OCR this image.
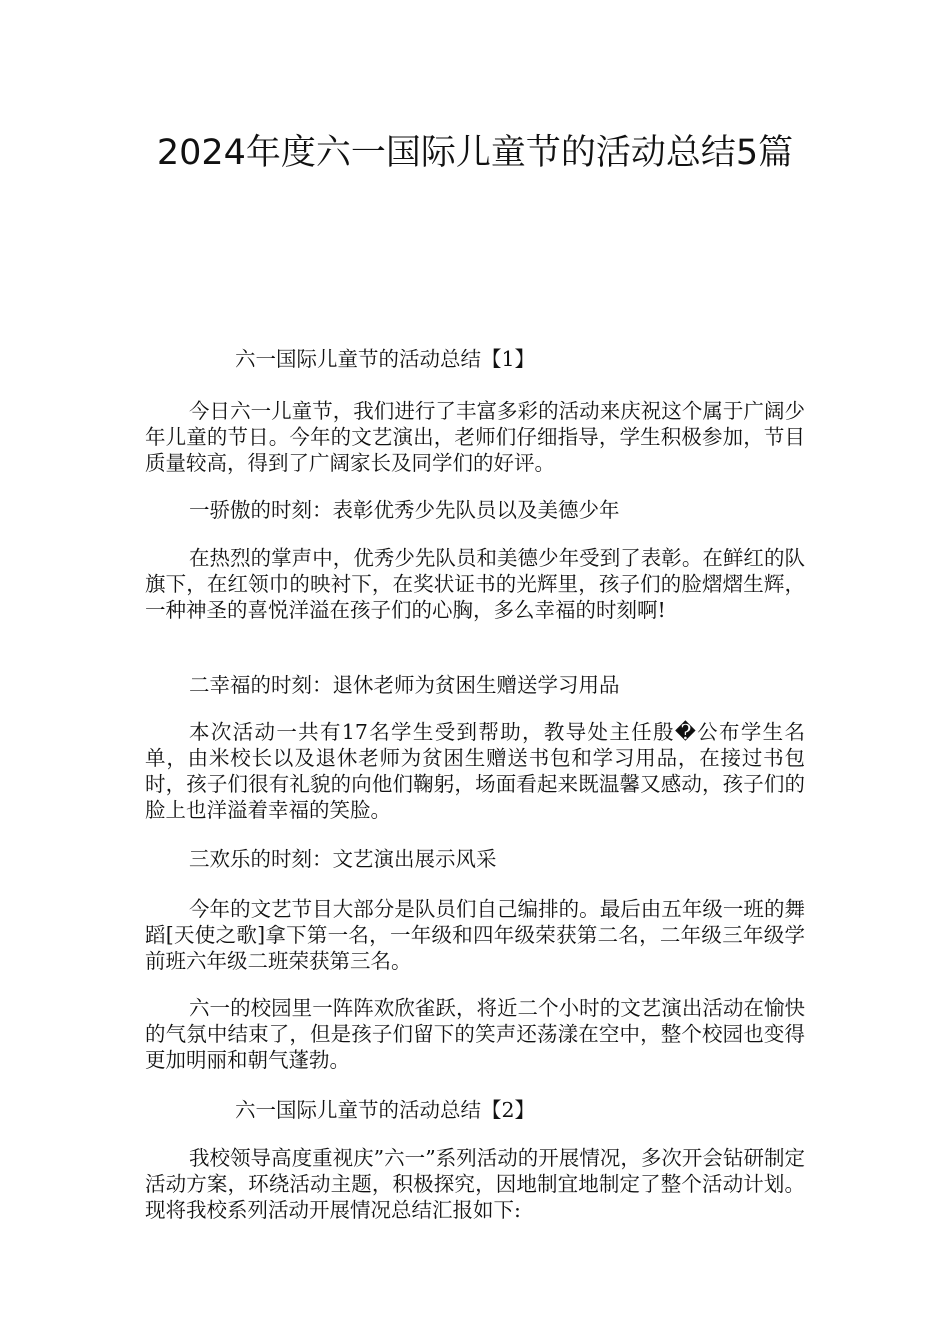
2024年度六一国际儿童节的活动总结5篇

六一国际儿童节的活动总结【1】

今日六一儿童节，我们进行了丰富多彩的活动来庆祝这个属于广阔少年儿童的节日。今年的文艺演出，老师们仔细指导，学生积极参加，节目质量较高，得到了广阔家长及同学们的好评。

一骄傲的时刻：表彰优秀少先队员以及美德少年

在热烈的掌声中，优秀少先队员和美德少年受到了表彰。在鲜红的队旗下，在红领巾的映衬下，在奖状证书的光辉里，孩子们的脸熠熠生辉，一种神圣的喜悦洋溢在孩子们的心胸，多么幸福的时刻啊!

二幸福的时刻：退休老师为贫困生赠送学习用品

本次活动一共有17名学生受到帮助，教导处主任殷�公布学生名单，由米校长以及退休老师为贫困生赠送书包和学习用品，在接过书包时，孩子们很有礼貌的向他们鞠躬，场面看起来既温馨又感动，孩子们的脸上也洋溢着幸福的笑脸。

三欢乐的时刻：文艺演出展示风采

今年的文艺节目大部分是队员们自己编排的。最后由五年级一班的舞蹈[天使之歌]拿下第一名，一年级和四年级荣获第二名，二年级三年级学前班六年级二班荣获第三名。

六一的校园里一阵阵欢欣雀跃，将近二个小时的文艺演出活动在愉快的气氛中结束了，但是孩子们留下的笑声还荡漾在空中，整个校园也变得更加明丽和朝气蓬勃。

六一国际儿童节的活动总结【2】

我校领导高度重视庆”六一”系列活动的开展情况，多次开会钻研制定活动方案，环绕活动主题，积极探究，因地制宜地制定了整个活动计划。现将我校系列活动开展情况总结汇报如下:
